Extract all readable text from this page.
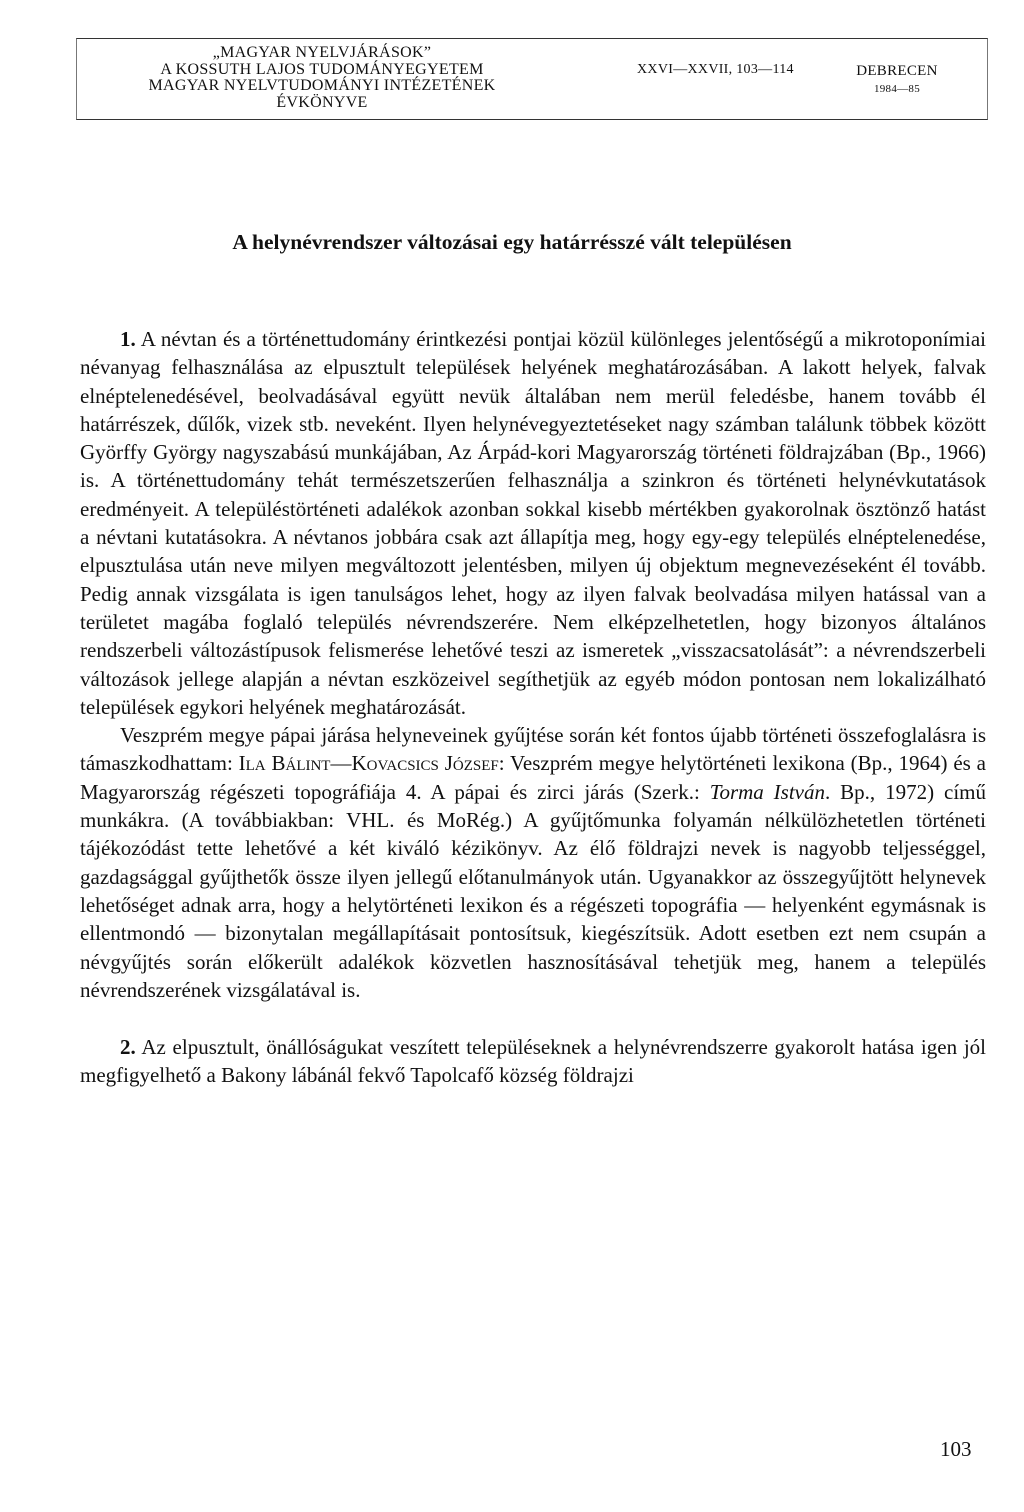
„MAGYAR NYELVJÁRÁSOK”
A KOSSUTH LAJOS TUDOMÁNYEGYETEM
MAGYAR NYELVTUDOMÁNYI INTÉZETÉNEK
ÉVKÖNYVE
XXVI—XXVII, 103—114	DEBRECEN
1984—85
A helynévrendszer változásai egy határrésszé vált településen

1. A névtan és a történettudomány érintkezési pontjai közül különleges jelentőségű a mikrotoponímiai névanyag felhasználása az elpusztult települések helyének meghatározásában. A lakott helyek, falvak elnéptelenedésével, beolvadásával együtt nevük általában nem merül feledésbe, hanem tovább él határrészek, dűlők, vizek stb. neveként. Ilyen helynévegyeztetéseket nagy számban találunk többek között Györffy György nagyszabású munkájában, Az Árpád-kori Magyarország történeti földrajzában (Bp., 1966) is. A történettudomány tehát természetszerűen felhasználja a szinkron és történeti helynévkutatások eredményeit. A településtörténeti adalékok azonban sokkal kisebb mértékben gyakorolnak ösztönző hatást a névtani kutatásokra. A névtanos jobbára csak azt állapítja meg, hogy egy-egy település elnéptelenedése, elpusztulása után neve milyen megváltozott jelentésben, milyen új objektum megnevezéseként él tovább. Pedig annak vizsgálata is igen tanulságos lehet, hogy az ilyen falvak beolvadása milyen hatással van a területet magába foglaló település névrendszerére. Nem elképzelhetetlen, hogy bizonyos általános rendszerbeli változástípusok felismerése lehetővé teszi az ismeretek „visszacsatolását”: a névrendszerbeli változások jellege alapján a névtan eszközeivel segíthetjük az egyéb módon pontosan nem lokalizálható települések egykori helyének meghatározását.

Veszprém megye pápai járása helyneveinek gyűjtése során két fontos újabb történeti összefoglalásra is támaszkodhattam: Ila Bálint—Kovacsics József: Veszprém megye helytörténeti lexikona (Bp., 1964) és a Magyarország régészeti topográfiája 4. A pápai és zirci járás (Szerk.: Torma István. Bp., 1972) című munkákra. (A továbbiakban: VHL. és MoRég.) A gyűjtőmunka folyamán nélkülözhetetlen történeti tájékozódást tette lehetővé a két kiváló kézikönyv. Az élő földrajzi nevek is nagyobb teljességgel, gazdagsággal gyűjthetők össze ilyen jellegű előtanulmányok után. Ugyanakkor az összegyűjtött helynevek lehetőséget adnak arra, hogy a helytörténeti lexikon és a régészeti topográfia — helyenként egymásnak is ellentmondó — bizonytalan megállapításait pontosítsuk, kiegészítsük. Adott esetben ezt nem csupán a névgyűjtés során előkerült adalékok közvetlen hasznosításával tehetjük meg, hanem a település névrendszerének vizsgálatával is.

2. Az elpusztult, önállóságukat veszített településeknek a helynévrendszerre gyakorolt hatása igen jól megfigyelhető a Bakony lábánál fekvő Tapolcafő község földrajzi

103
